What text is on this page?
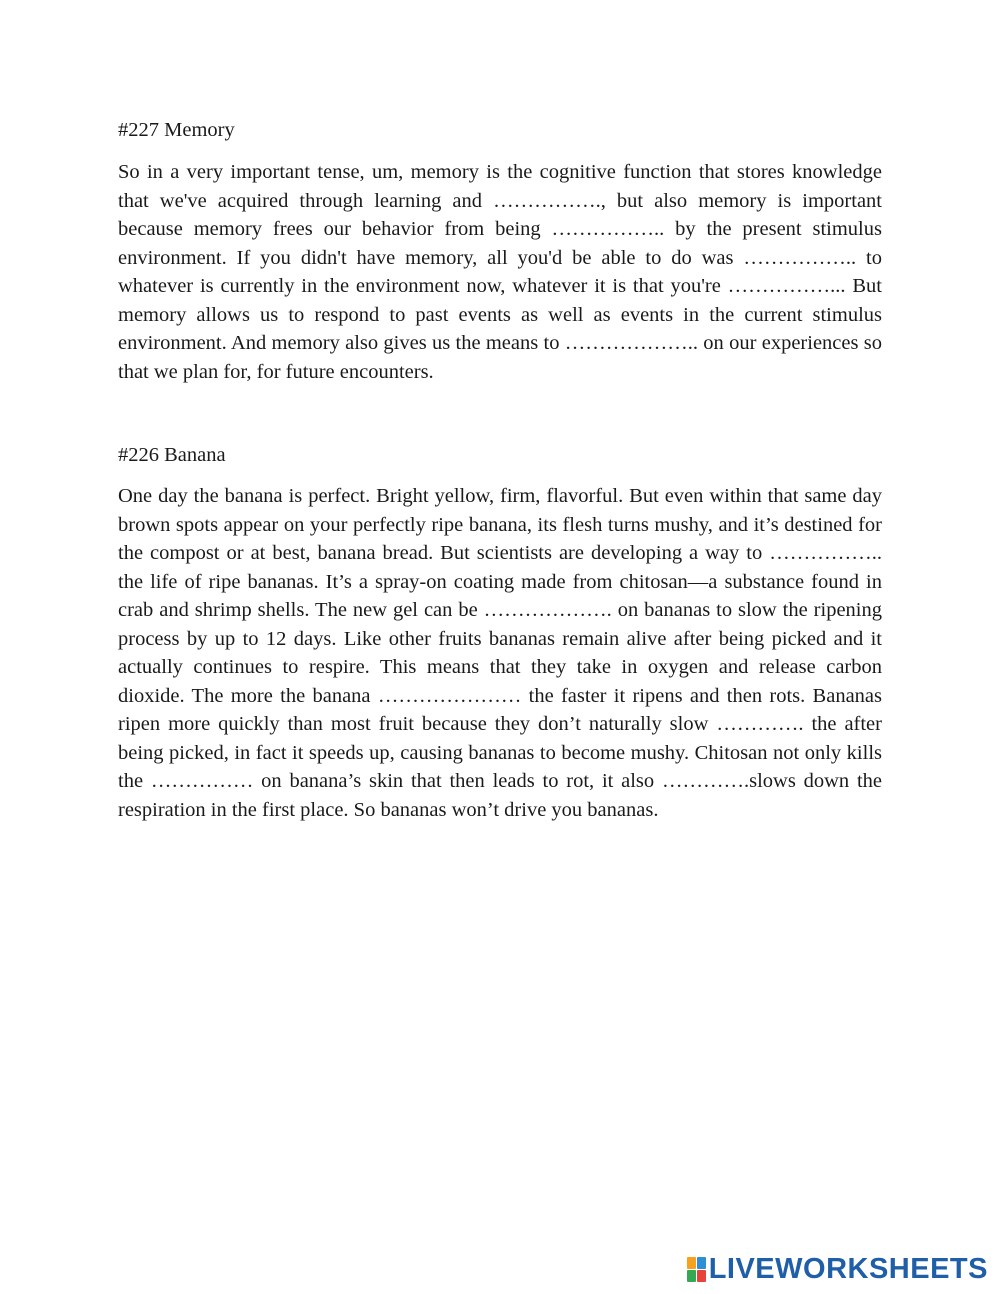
#227 Memory

So in a very important tense, um, memory is the cognitive function that stores knowledge that we've acquired through learning and ……………., but also memory is important because memory frees our behavior from being …………….. by the present stimulus environment. If you didn't have memory, all you'd be able to do was …………….. to whatever is currently in the environment now, whatever it is that you're ……………... But memory allows us to respond to past events as well as events in the current stimulus environment. And memory also gives us the means to ……………….. on our experiences so that we plan for, for future encounters.

#226 Banana

One day the banana is perfect. Bright yellow, firm, flavorful. But even within that same day brown spots appear on your perfectly ripe banana, its flesh turns mushy, and it’s destined for the compost or at best, banana bread. But scientists are developing a way to …………….. the life of ripe bananas. It’s a spray-on coating made from chitosan—a substance found in crab and shrimp shells. The new gel can be ………………. on bananas to slow the ripening process by up to 12 days. Like other fruits bananas remain alive after being picked and it actually continues to respire. This means that they take in oxygen and release carbon dioxide. The more the banana ………………… the faster it ripens and then rots. Bananas ripen more quickly than most fruit because they don’t naturally slow …………. the after being picked, in fact it speeds up, causing bananas to become mushy. Chitosan not only kills the …………… on banana’s skin that then leads to rot, it also ………….slows down the respiration in the first place. So bananas won’t drive you bananas.

LIVEWORKSHEETS
